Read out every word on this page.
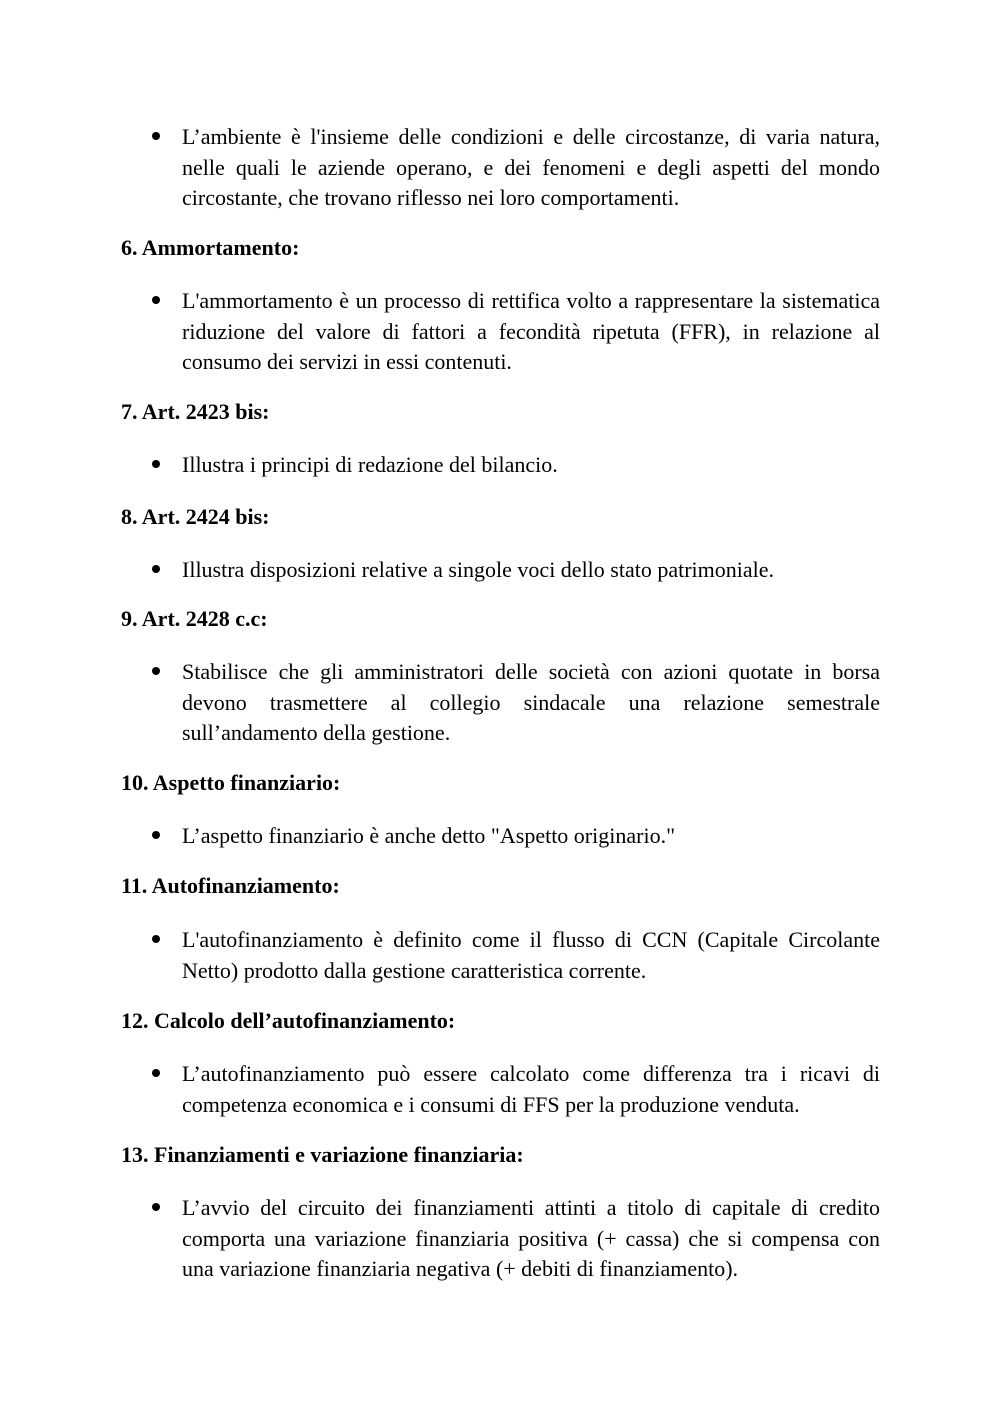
L’ambiente è l'insieme delle condizioni e delle circostanze, di varia natura, nelle quali le aziende operano, e dei fenomeni e degli aspetti del mondo circostante, che trovano riflesso nei loro comportamenti.
6. Ammortamento:
L'ammortamento è un processo di rettifica volto a rappresentare la sistematica riduzione del valore di fattori a fecondità ripetuta (FFR), in relazione al consumo dei servizi in essi contenuti.
7. Art. 2423 bis:
Illustra i principi di redazione del bilancio.
8. Art. 2424 bis:
Illustra disposizioni relative a singole voci dello stato patrimoniale.
9. Art. 2428 c.c:
Stabilisce che gli amministratori delle società con azioni quotate in borsa devono trasmettere al collegio sindacale una relazione semestrale sull’andamento della gestione.
10. Aspetto finanziario:
L’aspetto finanziario è anche detto "Aspetto originario."
11. Autofinanziamento:
L'autofinanziamento è definito come il flusso di CCN (Capitale Circolante Netto) prodotto dalla gestione caratteristica corrente.
12. Calcolo dell’autofinanziamento:
L’autofinanziamento può essere calcolato come differenza tra i ricavi di competenza economica e i consumi di FFS per la produzione venduta.
13. Finanziamenti e variazione finanziaria:
L’avvio del circuito dei finanziamenti attinti a titolo di capitale di credito comporta una variazione finanziaria positiva (+ cassa) che si compensa con una variazione finanziaria negativa (+ debiti di finanziamento).
